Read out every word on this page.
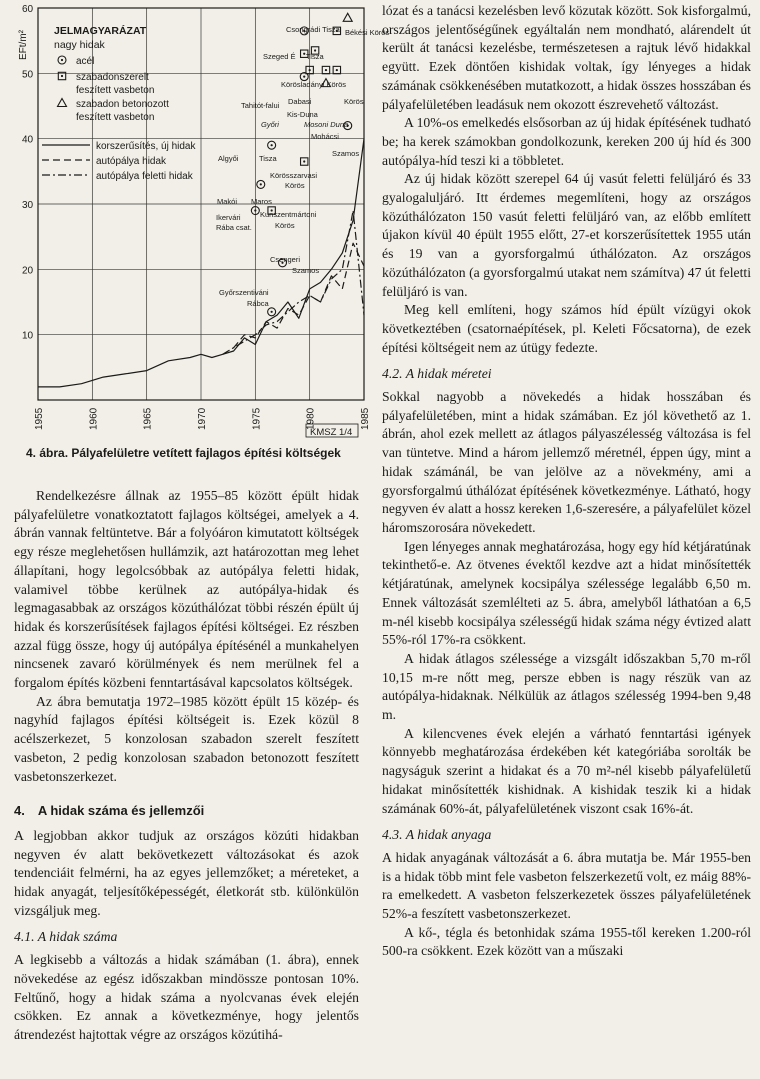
10
20
30
40
50
60
1955	1960	1965	1970	1975	1980	1985
EFt/m²
KMSZ 1/4
JELMAGYARÁZAT
nagy hidak
acél
szabadonszerelt
feszített vasbeton
szabadon betonozott
feszített vasbeton
korszerűsítés, új hidak
autópálya hidak
autópálya feletti hidak
Csongrádi Tisza
Szeged É Tisza
Békési Körös
Körösladányi Körös
Tahitót-falui Dabasi	Körös
Kis-Duna
Győri	Mosoni Duna
Algyői	Tisza
Mohácsi
Szamos
Körösszarvasi
Körös
Makói Maros
Ikervári
Rába csat.
Kunszentmártoni
Körös
Csengeri
Szamos
Győrszentiváni
Rábca
4. ábra. Pályafelületre vetített fajlagos építési költségek

Rendelkezésre állnak az 1955–85 között épült hidak pályafelületre vonatkoztatott fajlagos költségei, amelyek a 4. ábrán vannak feltüntetve. Bár a folyóáron kimutatott költségek egy része meglehetősen hullámzik, azt határozottan meg lehet állapítani, hogy legolcsóbbak az autópálya feletti hidak, valamivel többe kerülnek az autópálya-hidak és legmagasabbak az országos közúthálózat többi részén épült új hidak és korszerűsítések fajlagos építési költségei. Ez részben azzal függ össze, hogy új autópálya építésénél a munkahelyen nincsenek zavaró körülmények és nem merülnek fel a forgalom építés közbeni fenntartásával kapcsolatos költségek.

Az ábra bemutatja 1972–1985 között épült 15 közép- és nagyhíd fajlagos építési költségeit is. Ezek közül 8 acélszerkezet, 5 konzolosan szabadon szerelt feszített vasbeton, 2 pedig konzolosan szabadon betonozott feszített vasbetonszerkezet.

4. A hidak száma és jellemzői

A legjobban akkor tudjuk az országos közúti hidakban negyven év alatt bekövetkezett változásokat és azok tendenciáit felmérni, ha az egyes jellemzőket; a méreteket, a hidak anyagát, teljesítőképességét, életkorát stb. különkülön vizsgáljuk meg.

4.1. A hidak száma

A legkisebb a változás a hidak számában (1. ábra), ennek növekedése az egész időszakban mindössze pontosan 10%. Feltűnő, hogy a hidak száma a nyolcvanas évek elején csökken. Ez annak a következménye, hogy jelentős átrendezést hajtottak végre az országos közútihá-

lózat és a tanácsi kezelésben levő közutak között. Sok kisforgalmú, országos jelentőségűnek egyáltalán nem mondható, alárendelt út került át tanácsi kezelésbe, természetesen a rajtuk lévő hidakkal együtt. Ezek döntően kishidak voltak, így lényeges a hidak számának csökkenésében mutatkozott, a hidak összes hosszában és pályafelületében leadásuk nem okozott észrevehető változást.

A 10%-os emelkedés elsősorban az új hidak építésének tudható be; ha kerek számokban gondolkozunk, kereken 200 új híd és 300 autópálya-híd teszi ki a többletet.

Az új hidak között szerepel 64 új vasút feletti felüljáró és 33 gyalogaluljáró. Itt érdemes megemlíteni, hogy az országos közúthálózaton 150 vasút feletti felüljáró van, az előbb említett újakon kívül 40 épült 1955 előtt, 27-et korszerűsítettek 1955 után és 19 van a gyorsforgalmú úthálózaton. Az országos közúthálózaton (a gyorsforgalmú utakat nem számítva) 47 út feletti felüljáró is van.

Meg kell említeni, hogy számos híd épült vízügyi okok következtében (csatornaépítések, pl. Keleti Főcsatorna), de ezek építési költségeit nem az útügy fedezte.

4.2. A hidak méretei

Sokkal nagyobb a növekedés a hidak hosszában és pályafelületében, mint a hidak számában. Ez jól követhető az 1. ábrán, ahol ezek mellett az átlagos pályaszélesség változása is fel van tüntetve. Mind a három jellemző méretnél, éppen úgy, mint a hidak számánál, be van jelölve az a növekmény, ami a gyorsforgalmú úthálózat építésének következménye. Látható, hogy negyven év alatt a hossz kereken 1,6-szeresére, a pályafelület közel háromszorosára növekedett.

Igen lényeges annak meghatározása, hogy egy híd kétjáratúnak tekinthető-e. Az ötvenes évektől kezdve azt a hidat minősítették kétjáratúnak, amelynek kocsipálya szélessége legalább 6,50 m. Ennek változását szemlélteti az 5. ábra, amelyből láthatóan a 6,5 m-nél kisebb kocsipálya szélességű hidak száma négy évtized alatt 55%-ról 17%-ra csökkent.

A hidak átlagos szélessége a vizsgált időszakban 5,70 m-ről 10,15 m-re nőtt meg, persze ebben is nagy részük van az autópálya-hidaknak. Nélkülük az átlagos szélesség 1994-ben 9,48 m.

A kilencvenes évek elején a várható fenntartási igények könnyebb meghatározása érdekében két kategóriába sorolták be nagyságuk szerint a hidakat és a 70 m²-nél kisebb pályafelületű hidakat minősítették kishidnak. A kishidak teszik ki a hidak számának 60%-át, pályafelületének viszont csak 16%-át.

4.3. A hidak anyaga

A hidak anyagának változását a 6. ábra mutatja be. Már 1955-ben is a hidak több mint fele vasbeton felszerkezetű volt, ez máig 88%-ra emelkedett. A vasbeton felszerkezetek összes pályafelületének 52%-a feszített vasbetonszerkezet.

A kő-, tégla és betonhidak száma 1955-től kereken 1.200-ról 500-ra csökkent. Ezek között van a műszaki
